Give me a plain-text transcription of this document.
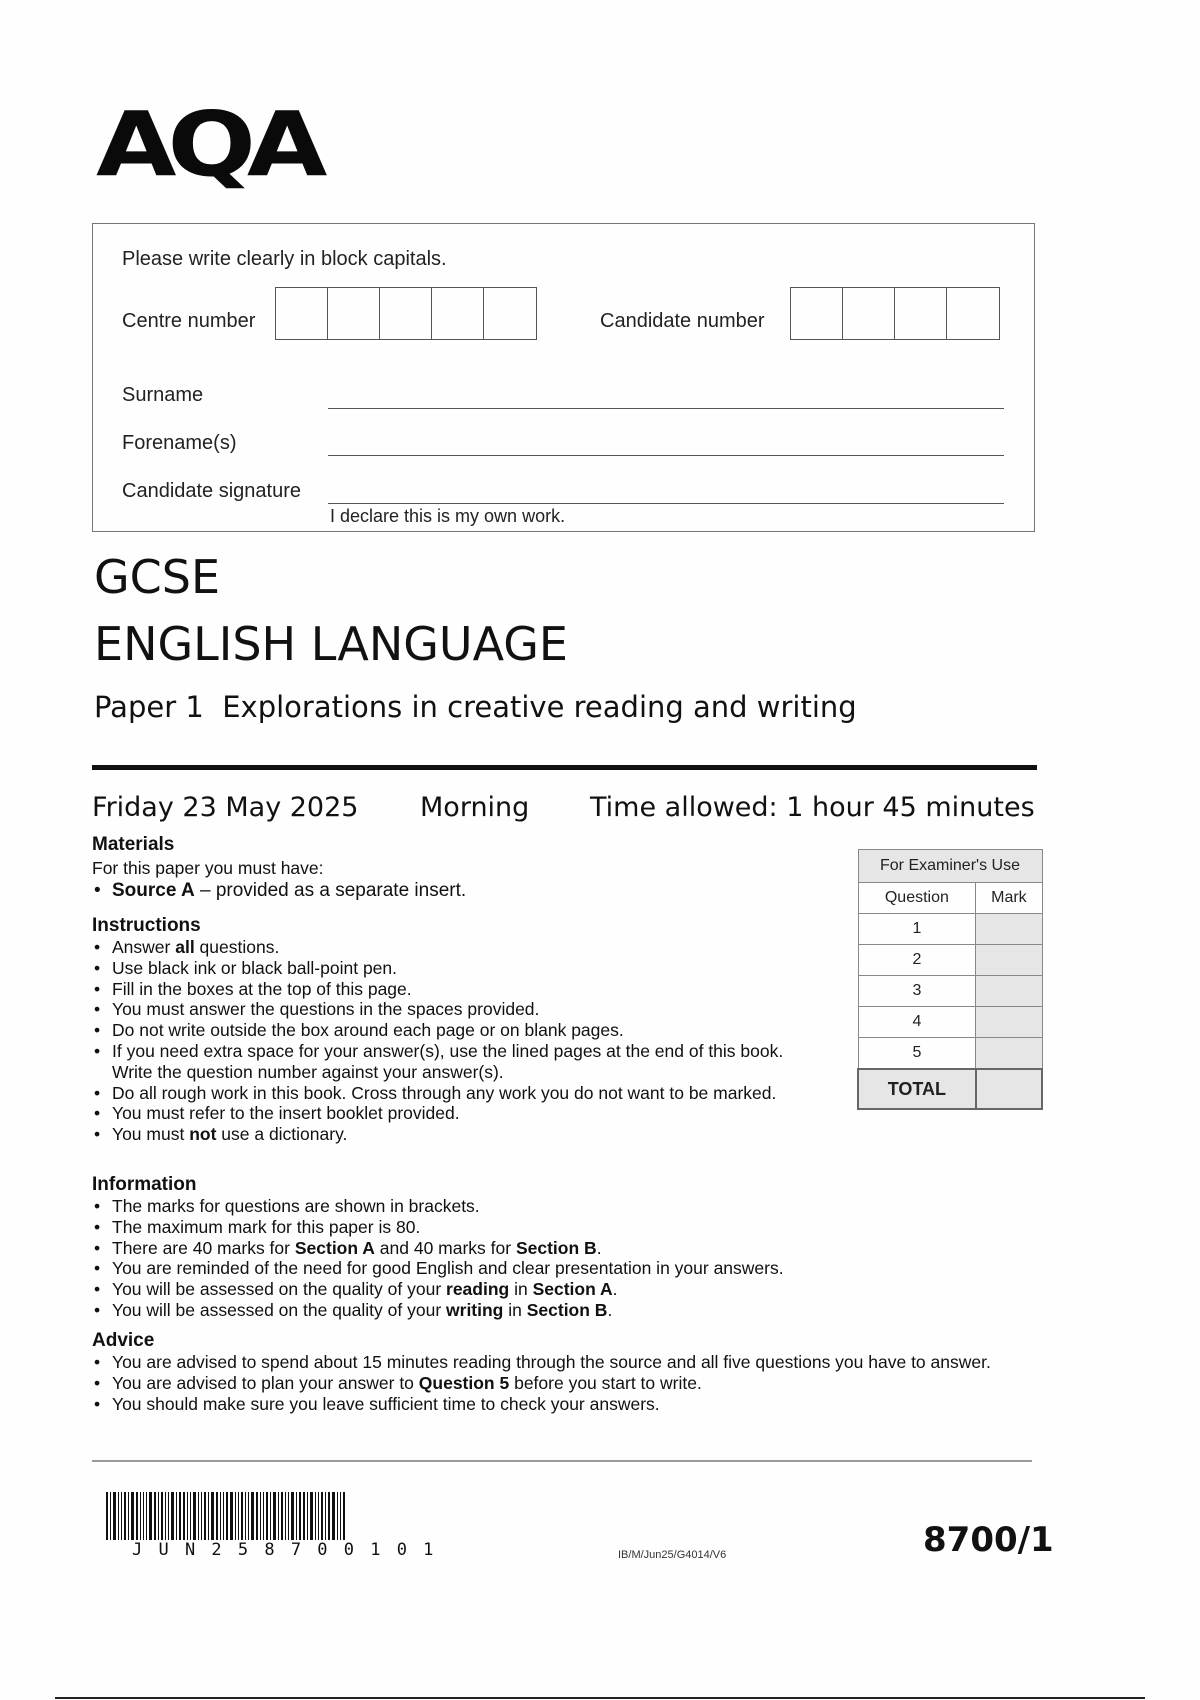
AQA
Please write clearly in block capitals.
Centre number	Candidate number
Surname
Forename(s)
Candidate signature
I declare this is my own work.
GCSE
ENGLISH LANGUAGE
Paper 1  Explorations in creative reading and writing
Friday 23 May 2025 Morning Time allowed: 1 hour 45 minutes
Materials
For this paper you must have:
• Source A – provided as a separate insert.
Instructions
• Answer all questions.
• Use black ink or black ball-point pen.
• Fill in the boxes at the top of this page.
• You must answer the questions in the spaces provided.
• Do not write outside the box around each page or on blank pages.
• If you need extra space for your answer(s), use the lined pages at the end of this book. Write the question number against your answer(s).
• Do all rough work in this book. Cross through any work you do not want to be marked.
• You must refer to the insert booklet provided.
• You must not use a dictionary.
Information
• The marks for questions are shown in brackets.
• The maximum mark for this paper is 80.
• There are 40 marks for Section A and 40 marks for Section B.
• You are reminded of the need for good English and clear presentation in your answers.
• You will be assessed on the quality of your reading in Section A.
• You will be assessed on the quality of your writing in Section B.
Advice
• You are advised to spend about 15 minutes reading through the source and all five questions you have to answer.
• You are advised to plan your answer to Question 5 before you start to write.
• You should make sure you leave sufficient time to check your answers.
For Examiner's Use	
Question	Mark
1	
2	
3	
4	
5	
TOTAL	
J U N 2 5 8 7 0 0 1 0 1	IB/M/Jun25/G4014/V6	8700/1
